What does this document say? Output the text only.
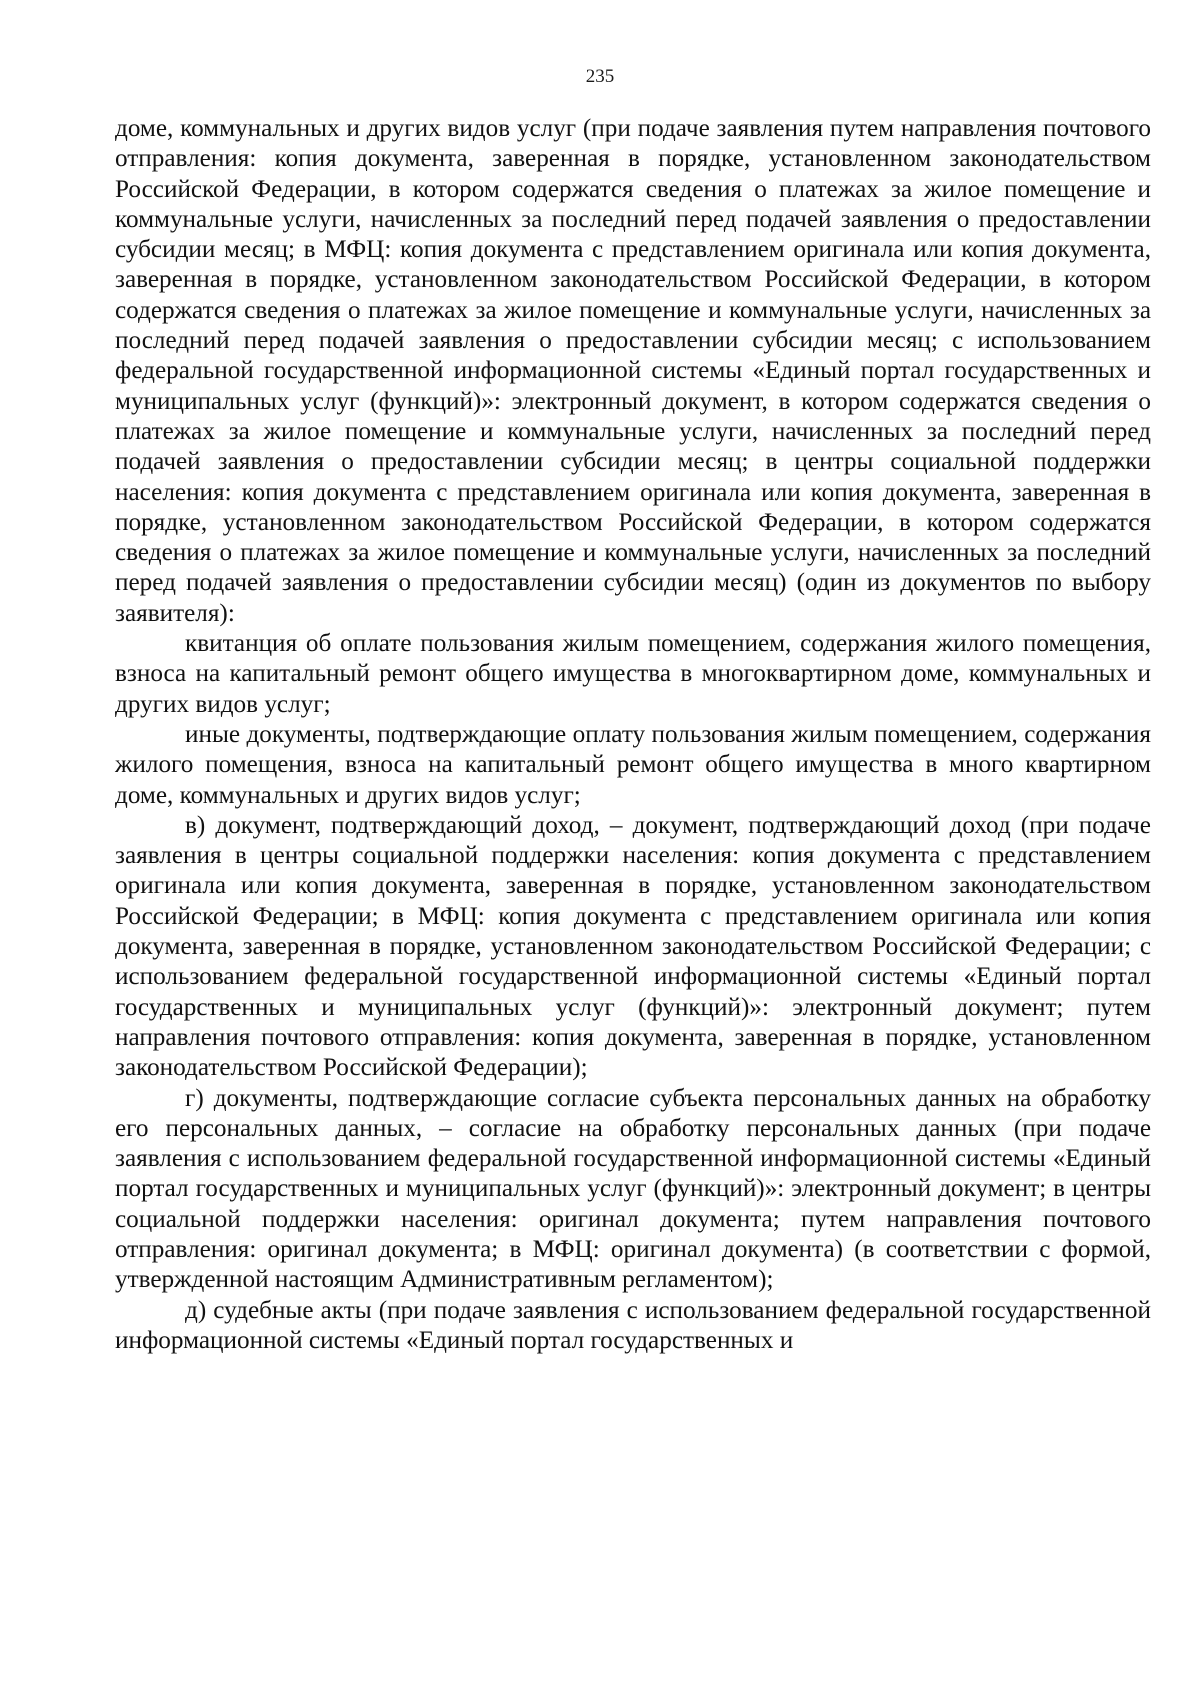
235

доме, коммунальных и других видов услуг (при подаче заявления путем направления почтового отправления: копия документа, заверенная в порядке, установленном законодательством Российской Федерации, в котором содержатся сведения о платежах за жилое помещение и коммунальные услуги, начисленных за последний перед подачей заявления о предоставлении субсидии месяц; в МФЦ: копия документа с представлением оригинала или копия документа, заверенная в порядке, установленном законодательством Российской Федерации, в котором содержатся сведения о платежах за жилое помещение и коммунальные услуги, начисленных за последний перед подачей заявления о предоставлении субсидии месяц; с использованием федеральной государственной информационной системы «Единый портал государственных и муниципальных услуг (функций)»: электронный документ, в котором содержатся сведения о платежах за жилое помещение и коммунальные услуги, начисленных за последний перед подачей заявления о предоставлении субсидии месяц; в центры социальной поддержки населения: копия документа с представлением оригинала или копия документа, заверенная в порядке, установленном законодательством Российской Федерации, в котором содержатся сведения о платежах за жилое помещение и коммунальные услуги, начисленных за последний перед подачей заявления о предоставлении субсидии месяц) (один из документов по выбору заявителя):

квитанция об оплате пользования жилым помещением, содержания жилого помещения, взноса на капитальный ремонт общего имущества в многоквартирном доме, коммунальных и других видов услуг;

иные документы, подтверждающие оплату пользования жилым помещением, содержания жилого помещения, взноса на капитальный ремонт общего имущества в много квартирном доме, коммунальных и других видов услуг;

в) документ, подтверждающий доход, – документ, подтверждающий доход (при подаче заявления в центры социальной поддержки населения: копия документа с представлением оригинала или копия документа, заверенная в порядке, установленном законодательством Российской Федерации; в МФЦ: копия документа с представлением оригинала или копия документа, заверенная в порядке, установленном законодательством Российской Федерации; с использованием федеральной государственной информационной системы «Единый портал государственных и муниципальных услуг (функций)»: электронный документ; путем направления почтового отправления: копия документа, заверенная в порядке, установленном законодательством Российской Федерации);

г) документы, подтверждающие согласие субъекта персональных данных на обработку его персональных данных, – согласие на обработку персональных данных (при подаче заявления с использованием федеральной государственной информационной системы «Единый портал государственных и муниципальных услуг (функций)»: электронный документ; в центры социальной поддержки населения: оригинал документа; путем направления почтового отправления: оригинал документа; в МФЦ: оригинал документа) (в соответствии с формой, утвержденной настоящим Административным регламентом);

д) судебные акты (при подаче заявления с использованием федеральной государственной информационной системы «Единый портал государственных и
